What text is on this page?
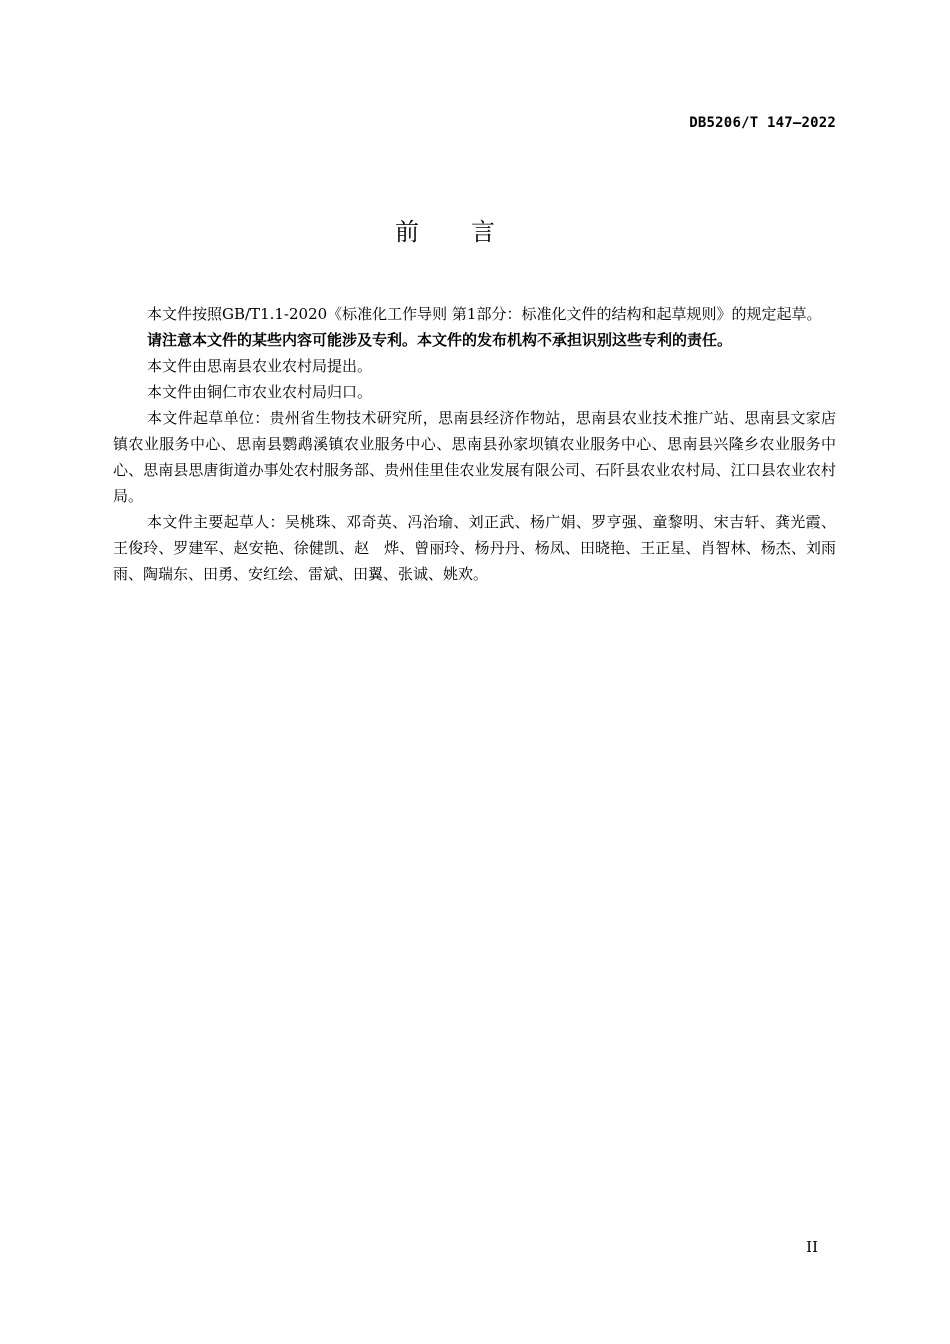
DB5206/T 147—2022
前言

本文件按照GB/T1.1-2020《标准化工作导则 第1部分：标准化文件的结构和起草规则》的规定起草。

请注意本文件的某些内容可能涉及专利。本文件的发布机构不承担识别这些专利的责任。

本文件由思南县农业农村局提出。

本文件由铜仁市农业农村局归口。

本文件起草单位：贵州省生物技术研究所，思南县经济作物站，思南县农业技术推广站、思南县文家店镇农业服务中心、思南县鹦鹉溪镇农业服务中心、思南县孙家坝镇农业服务中心、思南县兴隆乡农业服务中心、思南县思唐街道办事处农村服务部、贵州佳里佳农业发展有限公司、石阡县农业农村局、江口县农业农村局。

本文件主要起草人：吴桃珠、邓奇英、冯治瑜、刘正武、杨广娟、罗亨强、童黎明、宋吉轩、龚光霞、王俊玲、罗建军、赵安艳、徐健凯、赵　烨、曾丽玲、杨丹丹、杨凤、田晓艳、王正星、肖智林、杨杰、刘雨雨、陶瑞东、田勇、安红绘、雷斌、田翼、张诚、姚欢。

II
